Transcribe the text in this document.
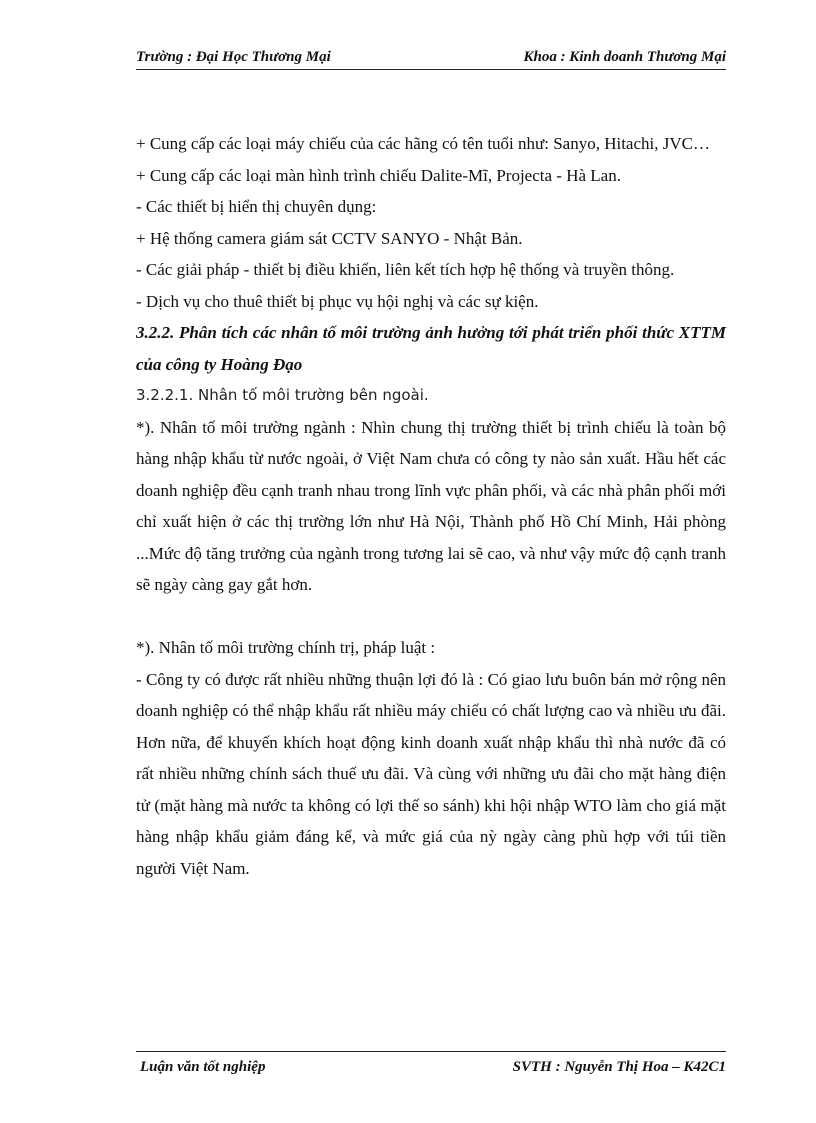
Trường : Đại Học Thương Mại	Khoa : Kinh doanh Thương Mại

+ Cung cấp các loại máy chiếu của các hãng có tên tuổi như: Sanyo, Hitachi, JVC…

+ Cung cấp các loại màn hình trình chiếu Dalite-Mĩ, Projecta - Hà Lan.

- Các thiết bị hiển thị chuyên dụng:

+ Hệ thống camera giám sát CCTV SANYO - Nhật Bản.

- Các giải pháp - thiết bị điều khiển, liên kết tích hợp hệ thống và truyền thông.

- Dịch vụ cho thuê thiết bị phục vụ hội nghị và các sự kiện.

3.2.2. Phân tích các nhân tố môi trường ảnh hưởng tới phát triển phối thức XTTM của công ty Hoàng Đạo

3.2.2.1. Nhân tố môi trường bên ngoài.

*). Nhân tố môi trường ngành : Nhìn chung thị trường thiết bị trình chiếu là toàn bộ hàng nhập khẩu từ nước ngoài, ở Việt Nam chưa có công ty nào sản xuất. Hầu hết các doanh nghiệp đều cạnh tranh nhau trong lĩnh vực phân phối, và các nhà phân phối mới chỉ xuất hiện ở các thị trường lớn như Hà Nội, Thành phố Hồ Chí Minh, Hải phòng ...Mức độ tăng trưởng của ngành trong tương lai sẽ cao, và như vậy mức độ cạnh tranh sẽ ngày càng gay gắt hơn.

*). Nhân tố môi trường chính trị, pháp luật :

- Công ty có được rất nhiều những thuận lợi đó là : Có giao lưu buôn bán mở rộng nên doanh nghiệp có thể nhập khẩu rất nhiều máy chiếu có chất lượng cao và nhiều ưu đãi. Hơn nữa, để khuyến khích hoạt động kinh doanh xuất nhập khẩu thì nhà nước đã có rất nhiều những chính sách thuế ưu đãi. Và cùng với những ưu đãi cho mặt hàng điện tử (mặt hàng mà nước ta không có lợi thế so sánh) khi hội nhập WTO làm cho giá mặt hàng nhập khẩu giảm đáng kể, và mức giá của nỳ ngày càng phù hợp với túi tiền người Việt Nam.

Luận văn tốt nghiệp	SVTH : Nguyễn Thị Hoa – K42C1
